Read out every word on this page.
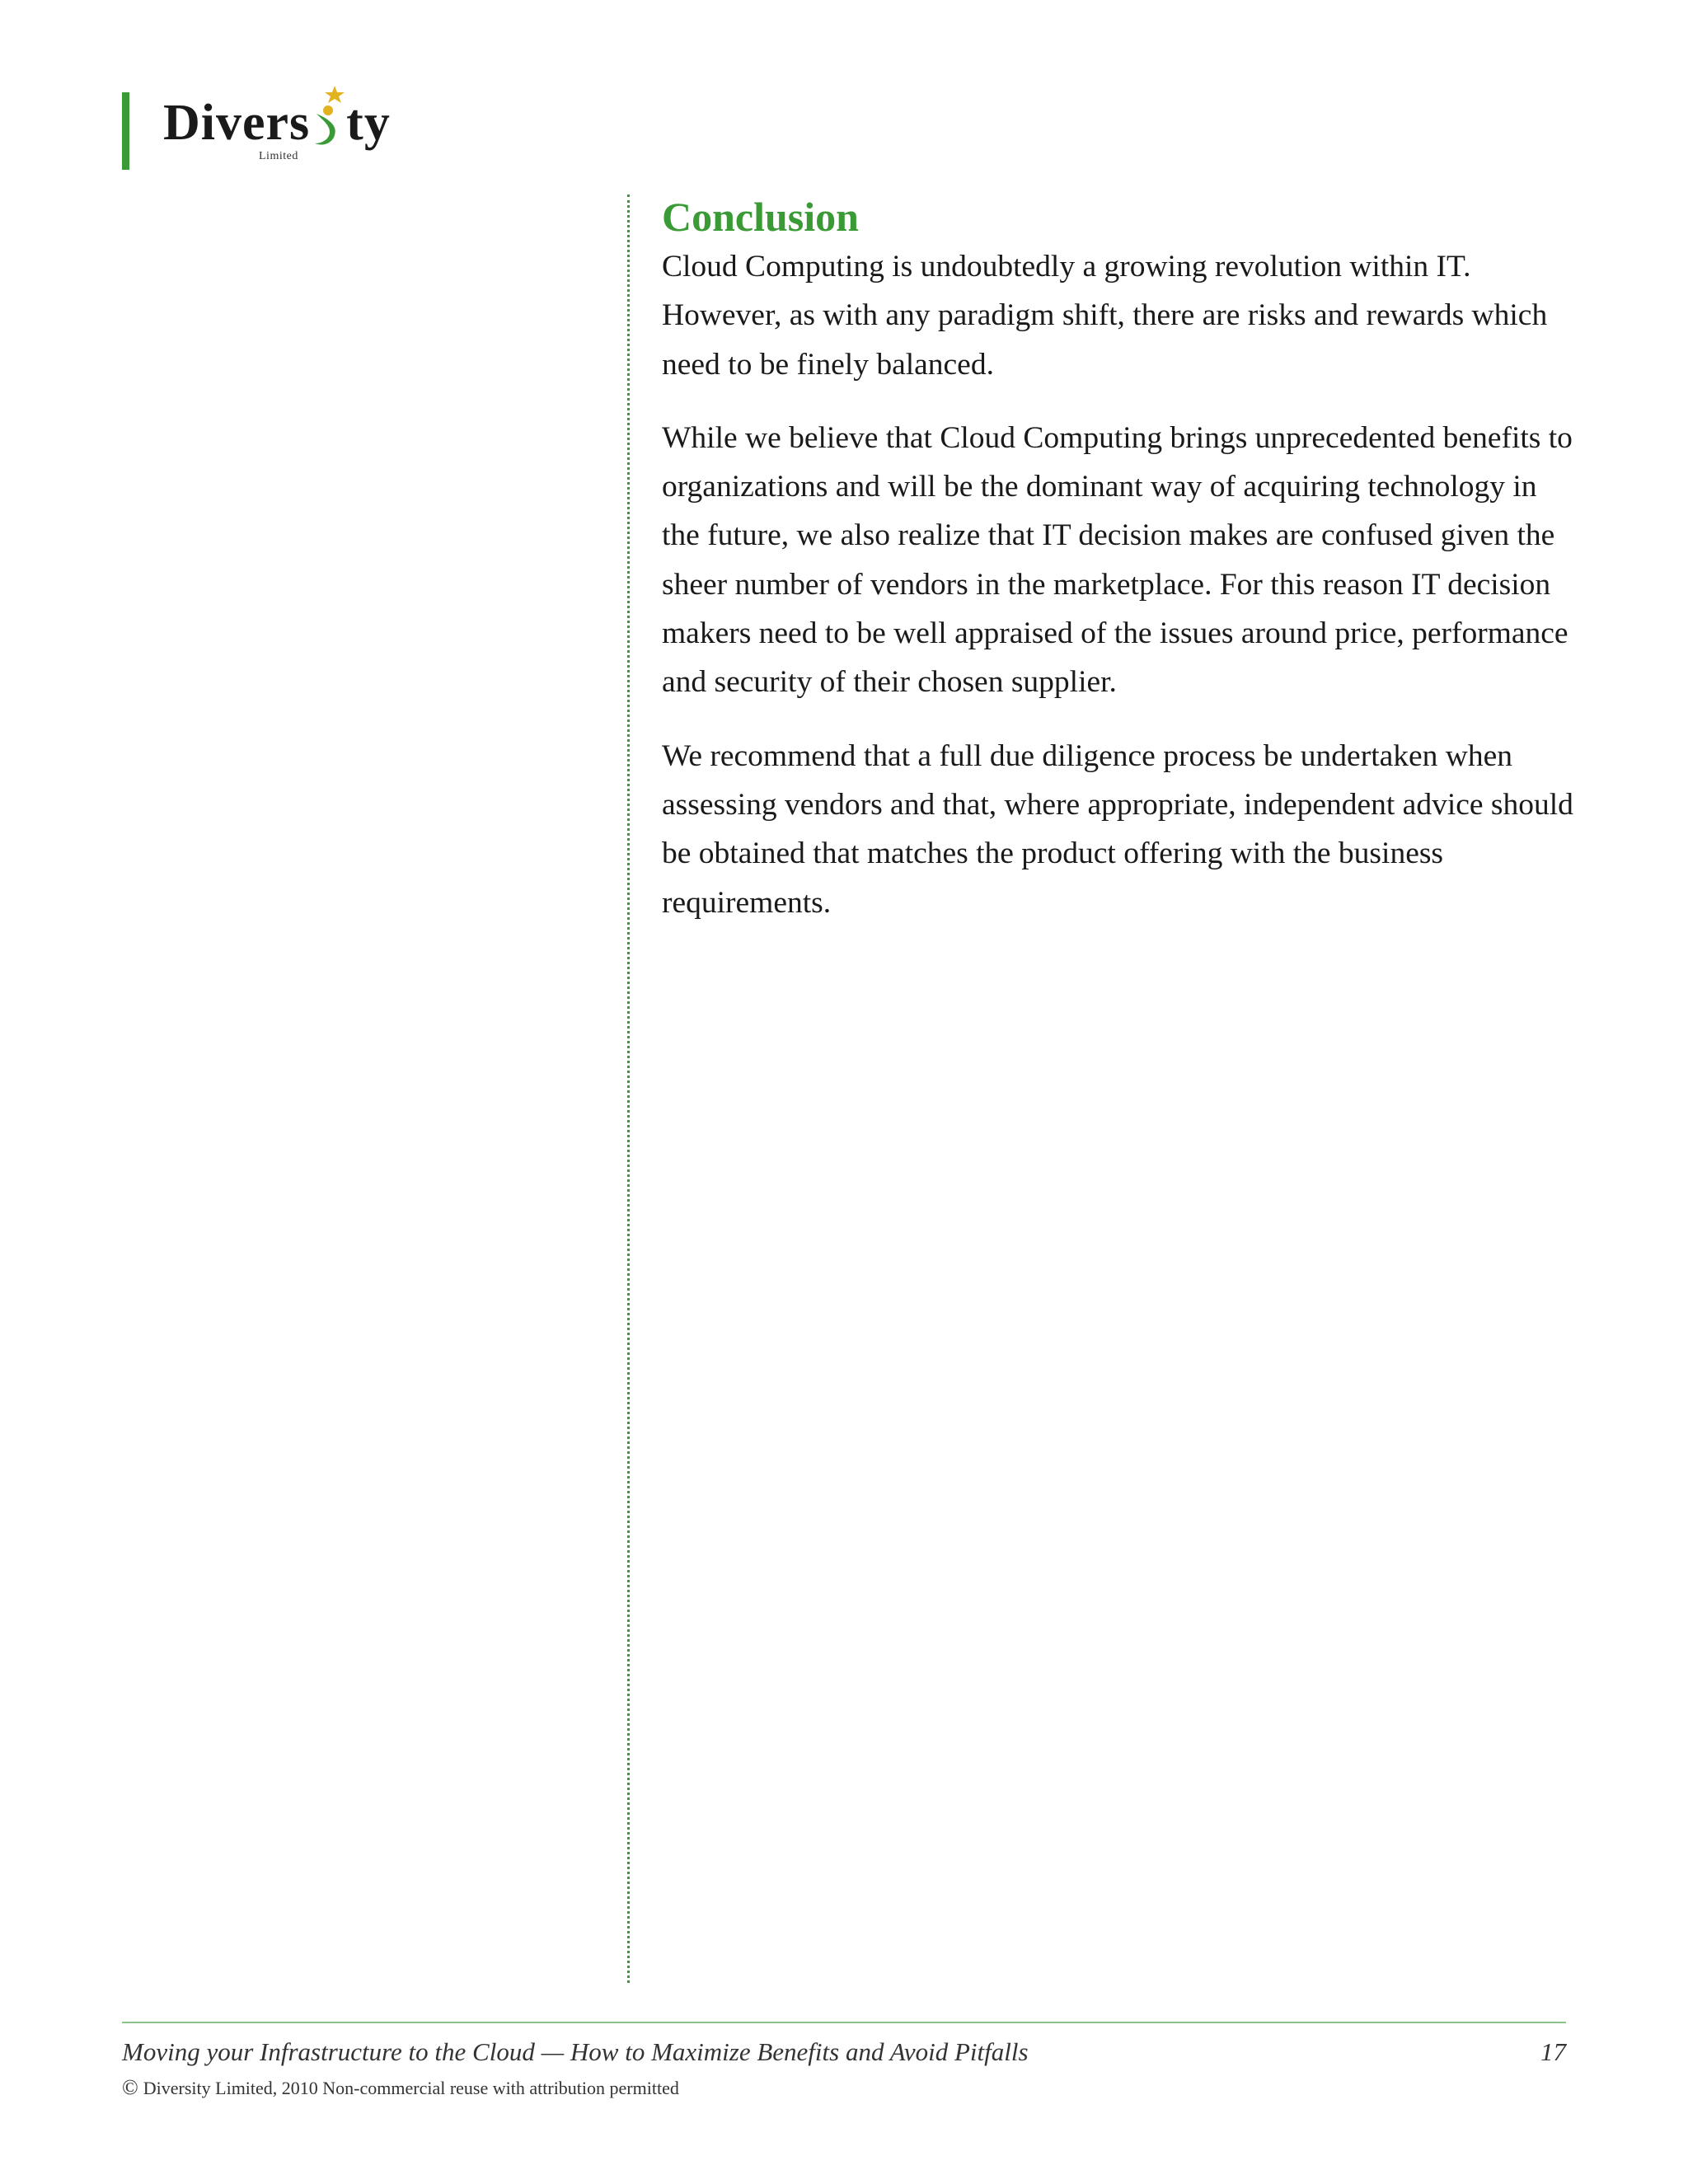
Divers ty
Limited
Conclusion

Cloud Computing is undoubtedly a growing revolution within IT. However, as with any paradigm shift, there are risks and rewards which need to be finely balanced.

While we believe that Cloud Computing brings unprecedented benefits to organizations and will be the dominant way of acquiring technology in the future, we also realize that IT decision makes are confused given the sheer number of vendors in the marketplace. For this reason IT decision makers need to be well appraised of the issues around price, performance and security of their chosen supplier.

We recommend that a full due diligence process be undertaken when assessing vendors and that, where appropriate, independent advice should be obtained that matches the product offering with the business requirements.

Moving your Infrastructure to the Cloud — How to Maximize Benefits and Avoid Pitfalls	17
© Diversity Limited, 2010 Non-commercial reuse with attribution permitted
